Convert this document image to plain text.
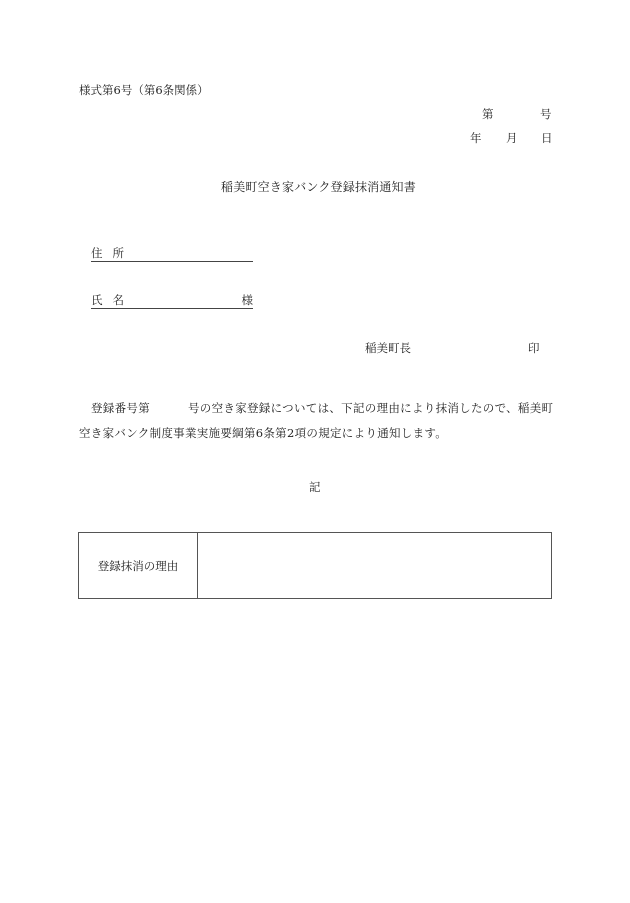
様式第6号（第6条関係）
第	号
年 月 日
稲美町空き家バンク登録抹消通知書
住所
氏名	様
稲美町長	印
登録番号第	号の空き家登録については、下記の理由により抹消したので、稲美町空き家バンク制度事業実施要綱第6条第2項の規定により通知します。
記
登録抹消の理由
